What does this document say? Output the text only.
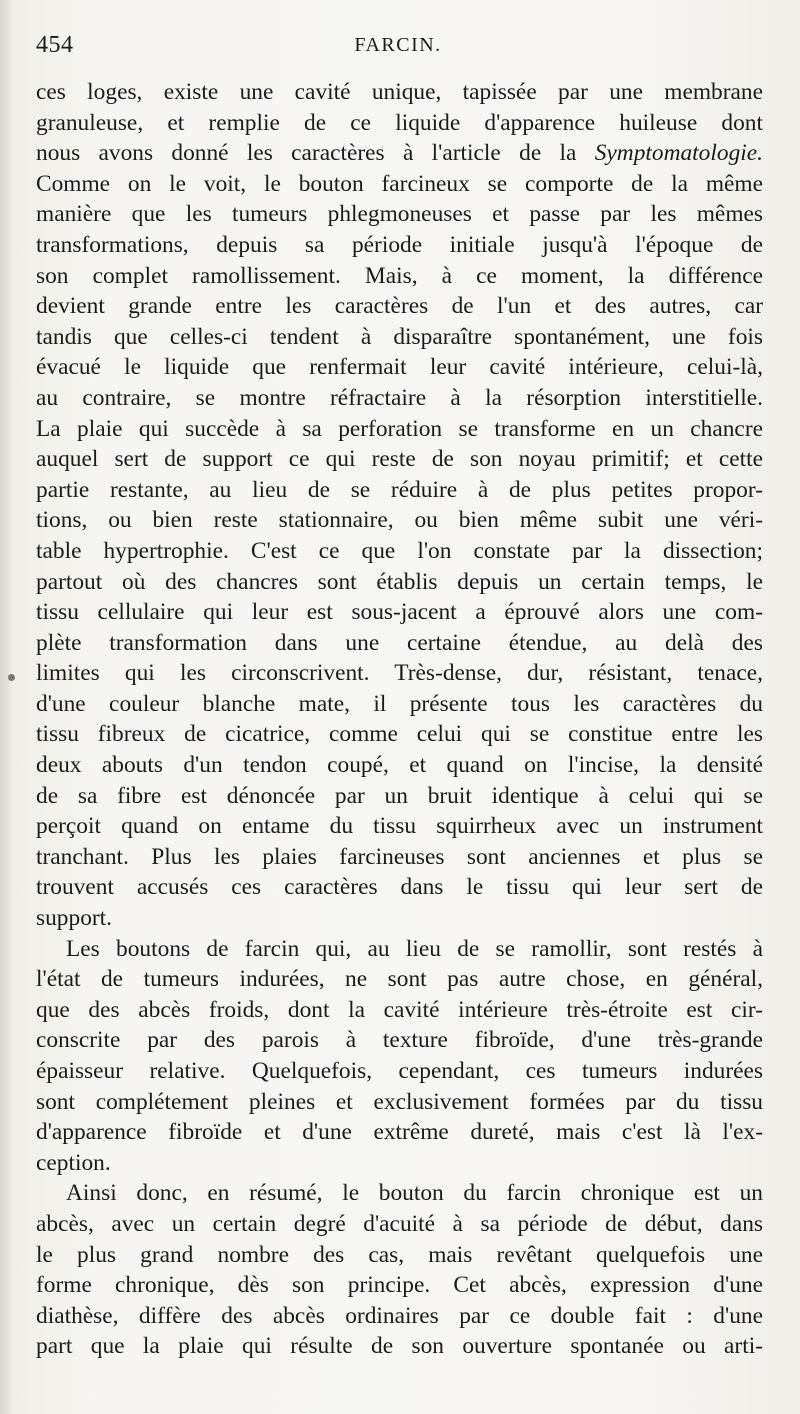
454	FARCIN.
ces loges, existe une cavité unique, tapissée par une membrane
granuleuse, et remplie de ce liquide d'apparence huileuse dont
nous avons donné les caractères à l'article de la Symptomatologie.
Comme on le voit, le bouton farcineux se comporte de la même
manière que les tumeurs phlegmoneuses et passe par les mêmes
transformations, depuis sa période initiale jusqu'à l'époque de
son complet ramollissement. Mais, à ce moment, la différence
devient grande entre les caractères de l'un et des autres, car
tandis que celles-ci tendent à disparaître spontanément, une fois
évacué le liquide que renfermait leur cavité intérieure, celui-là,
au contraire, se montre réfractaire à la résorption interstitielle.
La plaie qui succède à sa perforation se transforme en un chancre
auquel sert de support ce qui reste de son noyau primitif; et cette
partie restante, au lieu de se réduire à de plus petites propor-
tions, ou bien reste stationnaire, ou bien même subit une véri-
table hypertrophie. C'est ce que l'on constate par la dissection;
partout où des chancres sont établis depuis un certain temps, le
tissu cellulaire qui leur est sous-jacent a éprouvé alors une com-
plète transformation dans une certaine étendue, au delà des
limites qui les circonscrivent. Très-dense, dur, résistant, tenace,
d'une couleur blanche mate, il présente tous les caractères du
tissu fibreux de cicatrice, comme celui qui se constitue entre les
deux abouts d'un tendon coupé, et quand on l'incise, la densité
de sa fibre est dénoncée par un bruit identique à celui qui se
perçoit quand on entame du tissu squirrheux avec un instrument
tranchant. Plus les plaies farcineuses sont anciennes et plus se
trouvent accusés ces caractères dans le tissu qui leur sert de
support.
Les boutons de farcin qui, au lieu de se ramollir, sont restés à
l'état de tumeurs indurées, ne sont pas autre chose, en général,
que des abcès froids, dont la cavité intérieure très-étroite est cir-
conscrite par des parois à texture fibroïde, d'une très-grande
épaisseur relative. Quelquefois, cependant, ces tumeurs indurées
sont complétement pleines et exclusivement formées par du tissu
d'apparence fibroïde et d'une extrême dureté, mais c'est là l'ex-
ception.
Ainsi donc, en résumé, le bouton du farcin chronique est un
abcès, avec un certain degré d'acuité à sa période de début, dans
le plus grand nombre des cas, mais revêtant quelquefois une
forme chronique, dès son principe. Cet abcès, expression d'une
diathèse, diffère des abcès ordinaires par ce double fait : d'une
part que la plaie qui résulte de son ouverture spontanée ou arti-
